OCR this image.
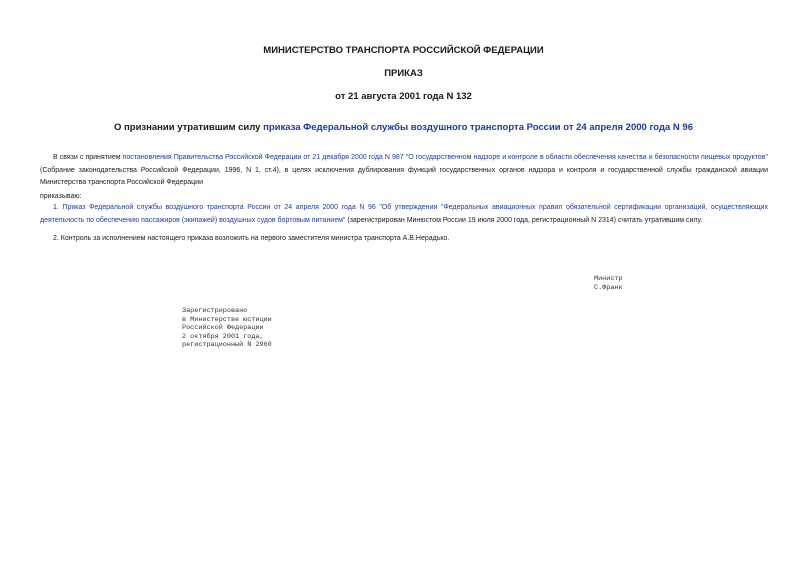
МИНИСТЕРСТВО ТРАНСПОРТА РОССИЙСКОЙ ФЕДЕРАЦИИ

ПРИКАЗ

от 21 августа 2001 года N 132

О признании утратившим силу приказа Федеральной службы воздушного транспорта России от 24 апреля 2000 года N 96

В связи с принятием постановления Правительства Российской Федерации от 21 декабря 2000 года N 987 "О государственном надзоре и контроле в области обеспечения качества и безопасности пищевых продуктов" (Собрание законодательства Российской Федерации, 1996, N 1, ст.4), в целях исключения дублирования функций государственных органов надзора и контроля и государственной службы гражданской авиации Министерства транспорта Российской Федерации

приказываю:

1. Приказ Федеральной службы воздушного транспорта России от 24 апреля 2000 года N 96 "Об утверждении "Федеральных авиационных правил обязательной сертификации организаций, осуществляющих деятельность по обеспечению пассажиров (экипажей) воздушных судов бортовым питанием" (зарегистрирован Минюстом России 19 июля 2000 года, регистрационный N 2314) считать утратившим силу.

2. Контроль за исполнением настоящего приказа возложить на первого заместителя министра транспорта А.В.Нерадько.

Министр
С.Франк
Зарегистрировано
в Министерстве юстиции
Российской Федерации
2 октября 2001 года,
регистрационный N 2960
